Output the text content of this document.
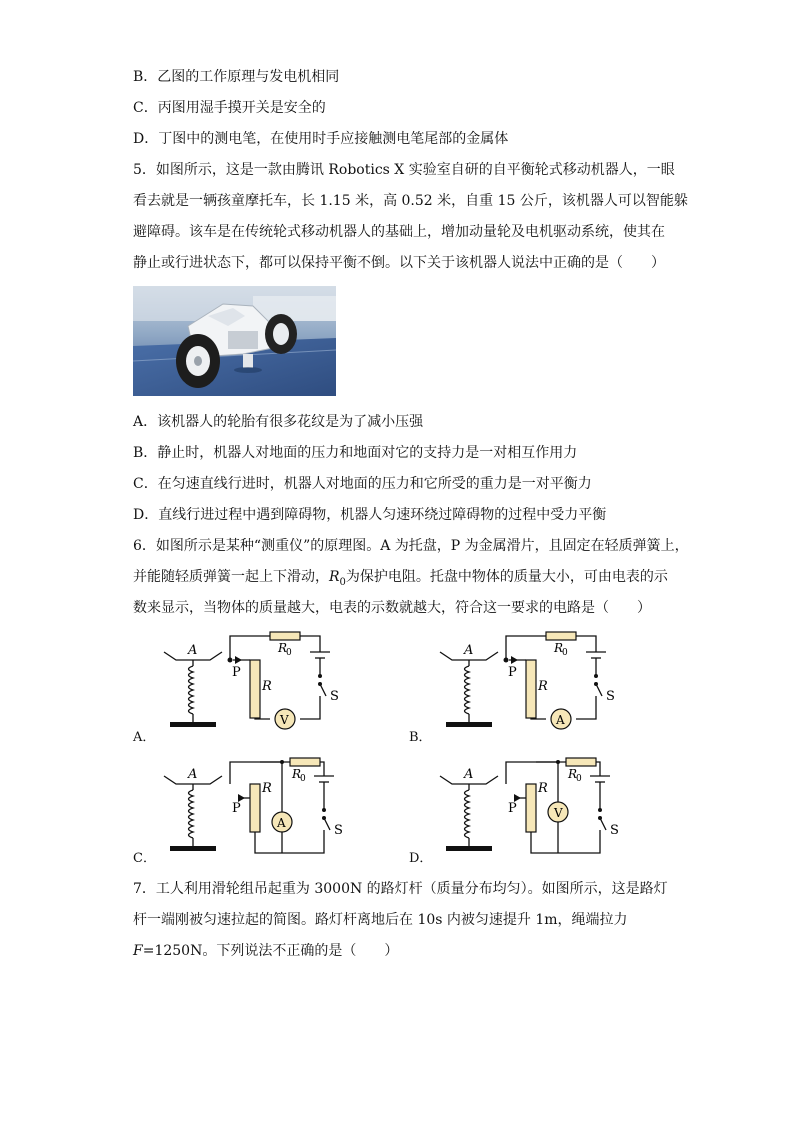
B．乙图的工作原理与发电机相同
C．丙图用湿手摸开关是安全的
D．丁图中的测电笔，在使用时手应接触测电笔尾部的金属体
5．如图所示，这是一款由腾讯 Robotics X 实验室自研的自平衡轮式移动机器人，一眼
看去就是一辆孩童摩托车，长 1.15 米，高 0.52 米，自重 15 公斤，该机器人可以智能躲
避障碍。该车是在传统轮式移动机器人的基础上，增加动量轮及电机驱动系统，使其在
静止或行进状态下，都可以保持平衡不倒。以下关于该机器人说法中正确的是（　　）
A．该机器人的轮胎有很多花纹是为了减小压强
B．静止时，机器人对地面的压力和地面对它的支持力是一对相互作用力
C．在匀速直线行进时，机器人对地面的压力和它所受的重力是一对平衡力
D．直线行进过程中遇到障碍物，机器人匀速环绕过障碍物的过程中受力平衡
6．如图所示是某种“测重仪”的原理图。A 为托盘，P 为金属滑片，且固定在轻质弹簧上，
并能随轻质弹簧一起上下滑动，$R_0$为保护电阻。托盘中物体的质量大小，可由电表的示
数来显示，当物体的质量越大，电表的示数就越大，符合这一要求的电路是（　　）
A．
A
P
R
R
0
S
V
B．
A
P
R
R
0
S
A
C．
A
P
R
R
0
S
A
D．
A
P
R
R
0
S
V
7．工人利用滑轮组吊起重为 3000N 的路灯杆（质量分布均匀）。如图所示，这是路灯
杆一端刚被匀速拉起的简图。路灯杆离地后在 10s 内被匀速提升 1m，绳端拉力
F=1250N。下列说法不正确的是（　　）
